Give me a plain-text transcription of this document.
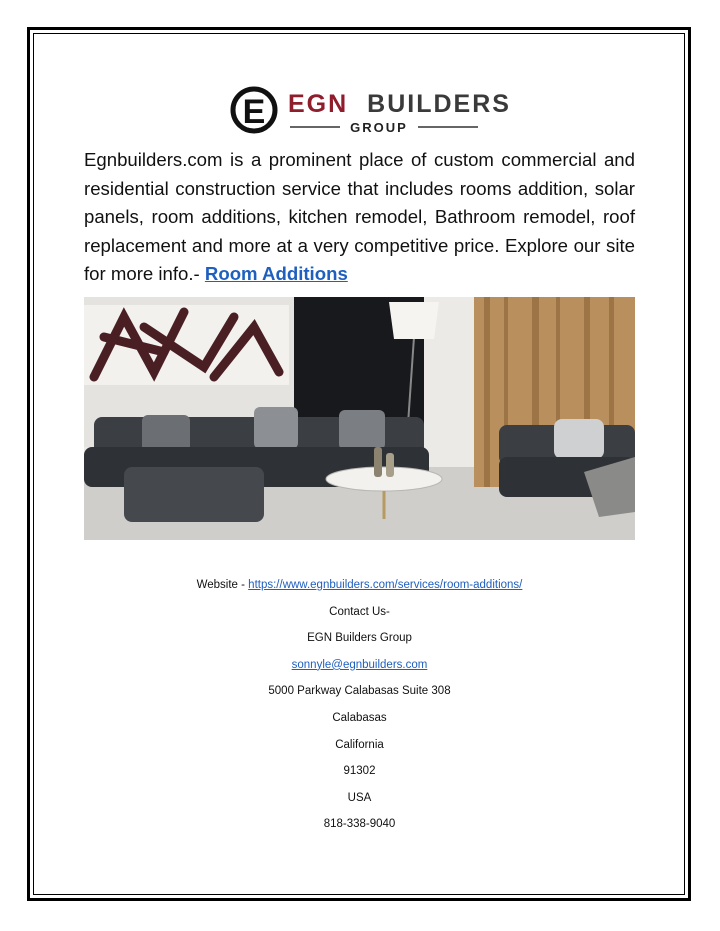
E EGN BUILDERS
GROUP
Egnbuilders.com is a prominent place of custom commercial and residential construction service that includes rooms addition, solar panels, room additions, kitchen remodel, Bathroom remodel, roof replacement and more at a very competitive price. Explore our site for more info.- Room Additions
Website - https://www.egnbuilders.com/services/room-additions/
Contact Us-
EGN Builders Group
sonnyle@egnbuilders.com
5000 Parkway Calabasas Suite 308
Calabasas
California
91302
USA
818-338-9040
